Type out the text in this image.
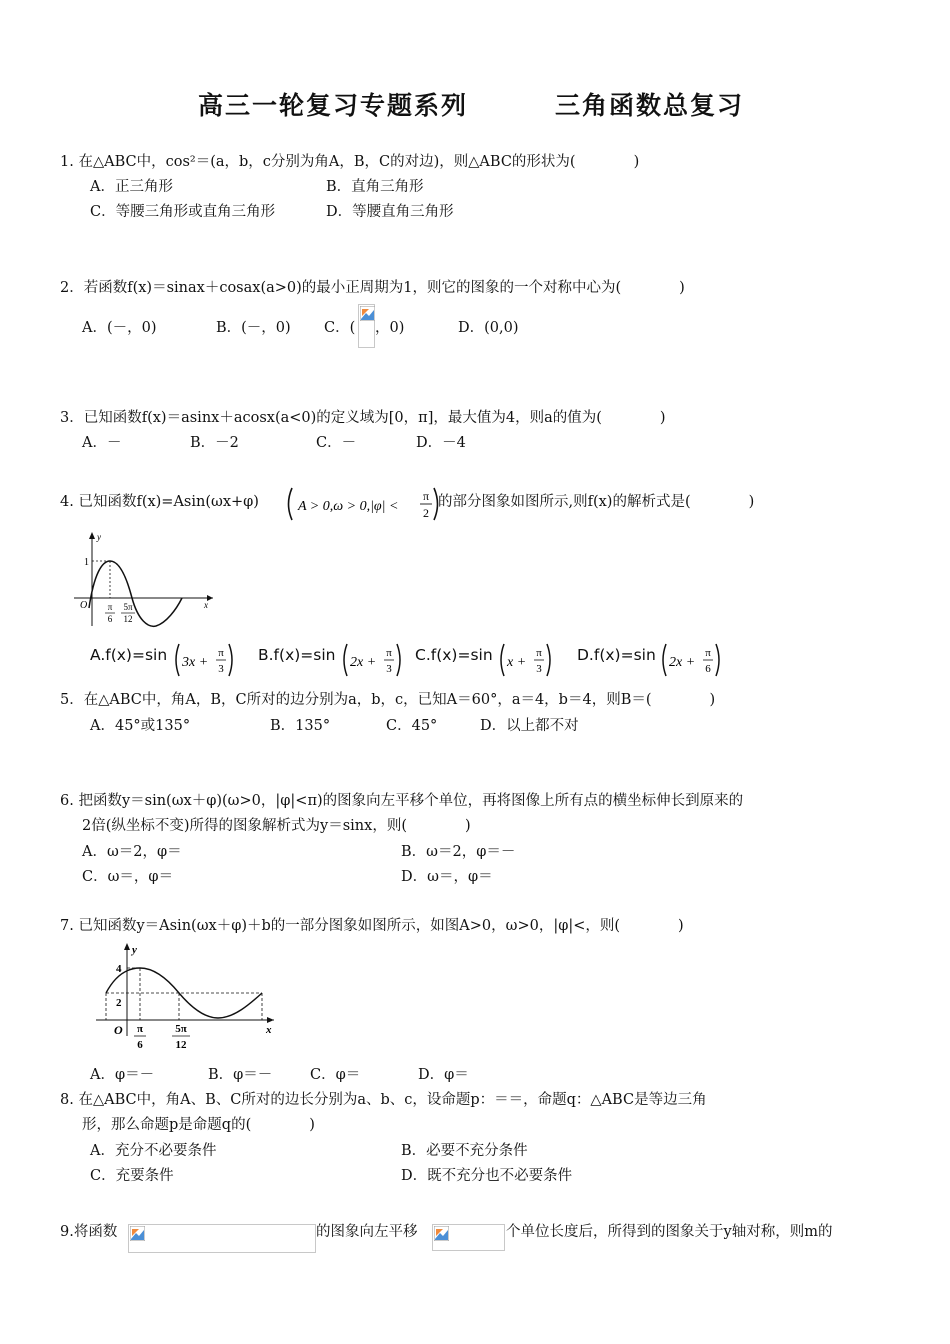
高三一轮复习专题系列	三角函数总复习
1. 在△ABC中，cos²＝(a，b，c分别为角A，B，C的对边)，则△ABC的形状为(　　　　)
A．正三角形	B．直角三角形
C．等腰三角形或直角三角形	D．等腰直角三角形
2．若函数f(x)＝sinax＋cosax(a>0)的最小正周期为1，则它的图象的一个对称中心为(　　　　)
A．(－，0)	B．(－，0) C．( ，0)	D．(0,0)
3．已知函数f(x)＝asinx＋acosx(a<0)的定义域为[0，π]，最大值为4，则a的值为(　　　　)
A．－	B．－2	C．－	D．－4
4. 已知函数f(x)=Asin(ωx+φ)	A > 0,ω > 0,|φ| <
π
2
的部分图象如图所示,则f(x)的解析式是(　　　　)
y
x
O
1
π
6
5π
12
A.f(x)=sin 3x +
π
3
B.f(x)=sin 2x +
π
3
C.f(x)=sin x +
π
3
D.f(x)=sin 2x +
π
6
5．在△ABC中，角A，B，C所对的边分别为a，b，c，已知A＝60°，a＝4，b＝4，则B＝(　　　　)
A．45°或135°	B．135°	C．45°	D．以上都不对
6. 把函数y＝sin(ωx＋φ)(ω>0，|φ|<π)的图象向左平移个单位，再将图像上所有点的横坐标伸长到原来的
2倍(纵坐标不变)所得的图象解析式为y＝sinx，则(　　　　)
A．ω＝2，φ＝	B．ω＝2，φ＝－
C．ω＝，φ＝	D．ω＝，φ＝
7. 已知函数y＝Asin(ωx＋φ)＋b的一部分图象如图所示，如图A>0，ω>0，|φ|<，则(　　　　)
y
x
O
4
2
π
6
5π
12
A．φ＝－	B．φ＝－	C．φ＝	D．φ＝
8. 在△ABC中，角A、B、C所对的边长分别为a、b、c，设命题p：＝＝，命题q：△ABC是等边三角
形，那么命题p是命题q的(　　　　)
A．充分不必要条件	B．必要不充分条件
C．充要条件	D．既不充分也不必要条件
9.将函数	的图象向左平移	个单位长度后，所得到的图象关于y轴对称，则m的
